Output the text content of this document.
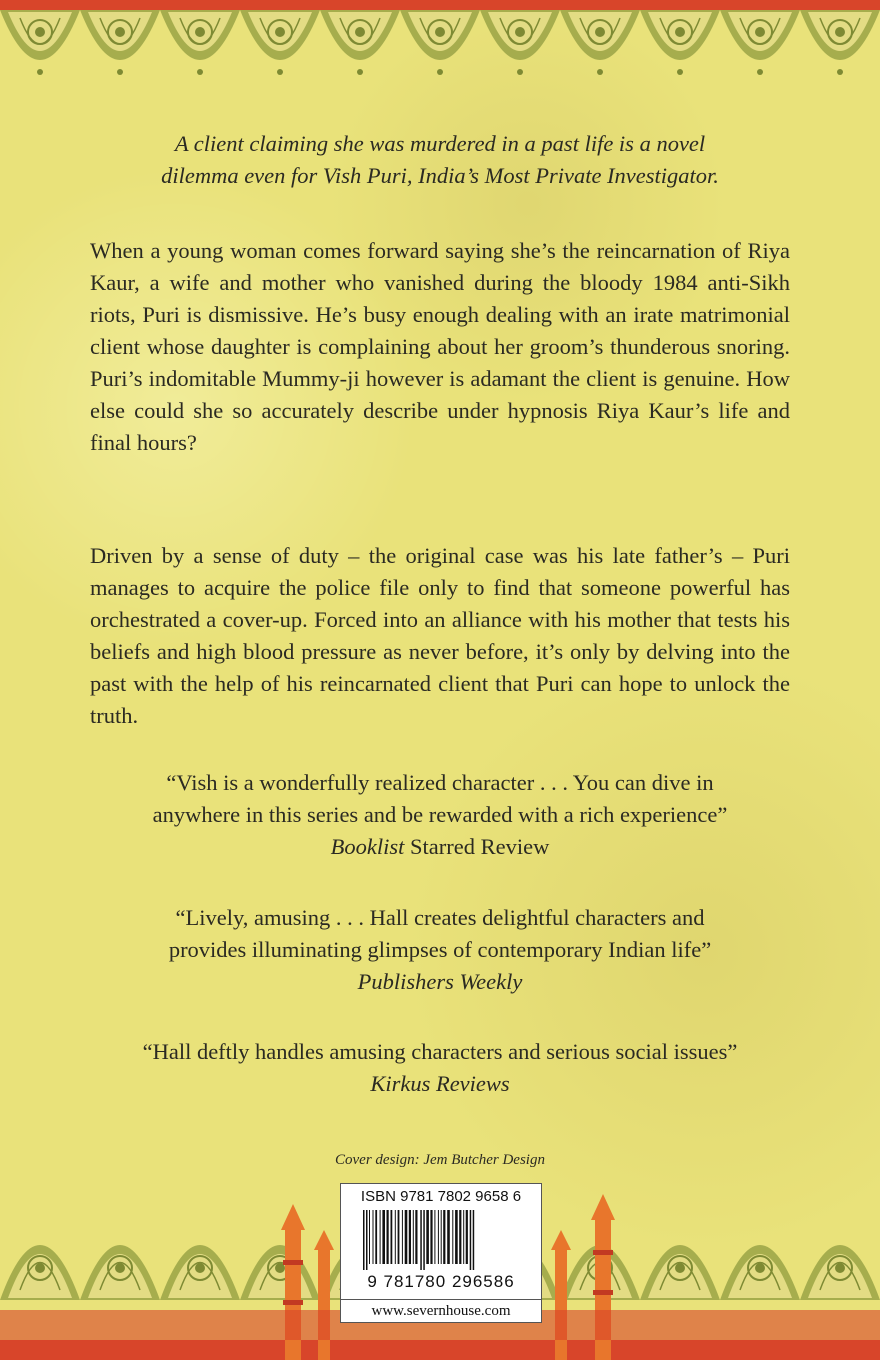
A client claiming she was murdered in a past life is a novel
dilemma even for Vish Puri, India’s Most Private Investigator.

When a young woman comes forward saying she’s the reincarnation of Riya Kaur, a wife and mother who vanished during the bloody 1984 anti-Sikh riots, Puri is dismissive. He’s busy enough dealing with an irate matrimonial client whose daughter is complaining about her groom’s thunderous snoring. Puri’s indomitable Mummy-ji however is adamant the client is genuine. How else could she so accurately describe under hypnosis Riya Kaur’s life and final hours?

Driven by a sense of duty – the original case was his late father’s – Puri manages to acquire the police file only to find that someone powerful has orchestrated a cover-up. Forced into an alliance with his mother that tests his beliefs and high blood pressure as never before, it’s only by delving into the past with the help of his reincarnated client that Puri can hope to unlock the truth.

“Vish is a wonderfully realized character . . . You can dive in
anywhere in this series and be rewarded with a rich experience”
Booklist Starred Review
“Lively, amusing . . . Hall creates delightful characters and
provides illuminating glimpses of contemporary Indian life”
Publishers Weekly
“Hall deftly handles amusing characters and serious social issues”
Kirkus Reviews
Cover design: Jem Butcher Design
ISBN 9781 7802 9658 6
9 781780 296586
www.severnhouse.com
